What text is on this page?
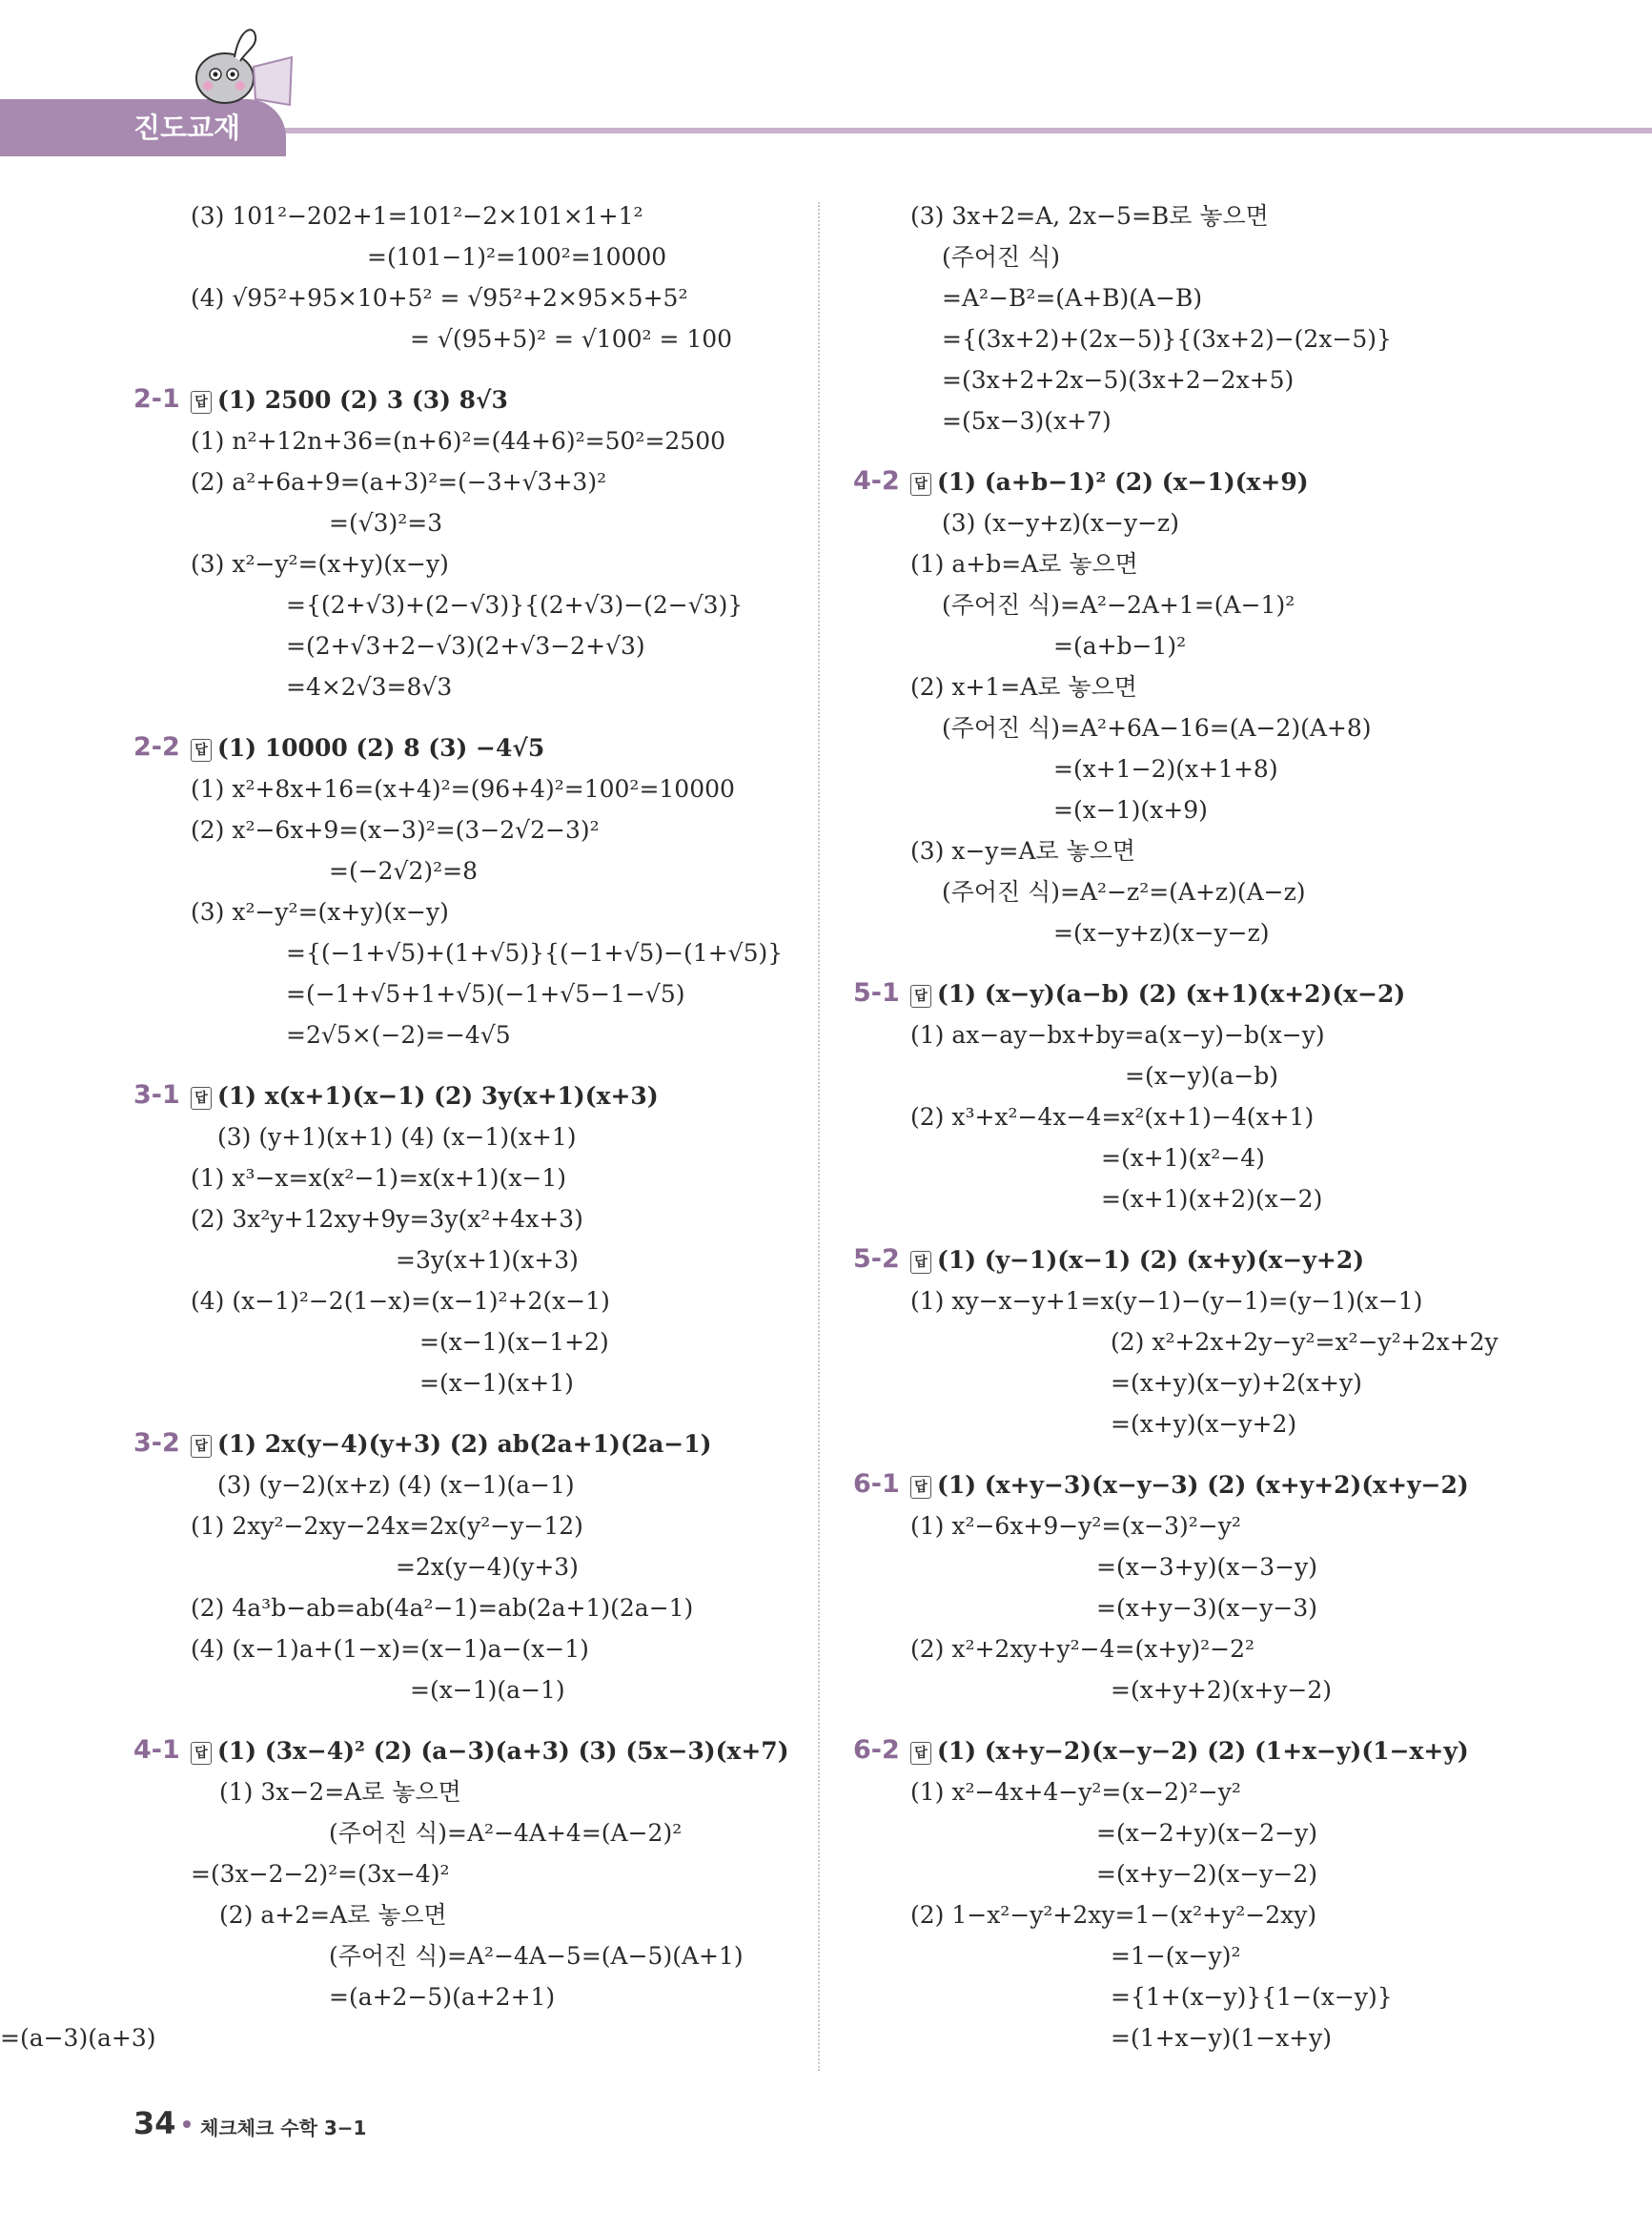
진도교재
(3) 101²−202+1=101²−2×101×1+1²
=(101−1)²=100²=10000
(4) √95²+95×10+5² = √95²+2×95×5+5²
= √(95+5)² = √100² = 100
2-1	답 (1) 2500 (2) 3 (3) 8√3
(1) n²+12n+36=(n+6)²=(44+6)²=50²=2500
(2) a²+6a+9=(a+3)²=(−3+√3+3)²
=(√3)²=3
(3) x²−y²=(x+y)(x−y)
={(2+√3)+(2−√3)}{(2+√3)−(2−√3)}
=(2+√3+2−√3)(2+√3−2+√3)
=4×2√3=8√3
2-2	답 (1) 10000 (2) 8 (3) −4√5
(1) x²+8x+16=(x+4)²=(96+4)²=100²=10000
(2) x²−6x+9=(x−3)²=(3−2√2−3)²
=(−2√2)²=8
(3) x²−y²=(x+y)(x−y)
={(−1+√5)+(1+√5)}{(−1+√5)−(1+√5)}
=(−1+√5+1+√5)(−1+√5−1−√5)
=2√5×(−2)=−4√5
3-1	답 (1) x(x+1)(x−1) (2) 3y(x+1)(x+3)
(3) (y+1)(x+1) (4) (x−1)(x+1)
(1) x³−x=x(x²−1)=x(x+1)(x−1)
(2) 3x²y+12xy+9y=3y(x²+4x+3)
=3y(x+1)(x+3)
(4) (x−1)²−2(1−x)=(x−1)²+2(x−1)
=(x−1)(x−1+2)
=(x−1)(x+1)
3-2	답 (1) 2x(y−4)(y+3) (2) ab(2a+1)(2a−1)
(3) (y−2)(x+z) (4) (x−1)(a−1)
(1) 2xy²−2xy−24x=2x(y²−y−12)
=2x(y−4)(y+3)
(2) 4a³b−ab=ab(4a²−1)=ab(2a+1)(2a−1)
(4) (x−1)a+(1−x)=(x−1)a−(x−1)
=(x−1)(a−1)
4-1	답 (1) (3x−4)² (2) (a−3)(a+3) (3) (5x−3)(x+7)
(1) 3x−2=A로 놓으면
(주어진 식)=A²−4A+4=(A−2)²
=(3x−2−2)²=(3x−4)²
(2) a+2=A로 놓으면
(주어진 식)=A²−4A−5=(A−5)(A+1)
=(a+2−5)(a+2+1)
=(a−3)(a+3)
(3) 3x+2=A, 2x−5=B로 놓으면
(주어진 식)
=A²−B²=(A+B)(A−B)
={(3x+2)+(2x−5)}{(3x+2)−(2x−5)}
=(3x+2+2x−5)(3x+2−2x+5)
=(5x−3)(x+7)
4-2	답 (1) (a+b−1)² (2) (x−1)(x+9)
(3) (x−y+z)(x−y−z)
(1) a+b=A로 놓으면
(주어진 식)=A²−2A+1=(A−1)²
=(a+b−1)²
(2) x+1=A로 놓으면
(주어진 식)=A²+6A−16=(A−2)(A+8)
=(x+1−2)(x+1+8)
=(x−1)(x+9)
(3) x−y=A로 놓으면
(주어진 식)=A²−z²=(A+z)(A−z)
=(x−y+z)(x−y−z)
5-1	답 (1) (x−y)(a−b) (2) (x+1)(x+2)(x−2)
(1) ax−ay−bx+by=a(x−y)−b(x−y)
=(x−y)(a−b)
(2) x³+x²−4x−4=x²(x+1)−4(x+1)
=(x+1)(x²−4)
=(x+1)(x+2)(x−2)
5-2	답 (1) (y−1)(x−1) (2) (x+y)(x−y+2)
(1) xy−x−y+1=x(y−1)−(y−1)=(y−1)(x−1)
(2) x²+2x+2y−y²=x²−y²+2x+2y
=(x+y)(x−y)+2(x+y)
=(x+y)(x−y+2)
6-1	답 (1) (x+y−3)(x−y−3) (2) (x+y+2)(x+y−2)
(1) x²−6x+9−y²=(x−3)²−y²
=(x−3+y)(x−3−y)
=(x+y−3)(x−y−3)
(2) x²+2xy+y²−4=(x+y)²−2²
=(x+y+2)(x+y−2)
6-2	답 (1) (x+y−2)(x−y−2) (2) (1+x−y)(1−x+y)
(1) x²−4x+4−y²=(x−2)²−y²
=(x−2+y)(x−2−y)
=(x+y−2)(x−y−2)
(2) 1−x²−y²+2xy=1−(x²+y²−2xy)
=1−(x−y)²
={1+(x−y)}{1−(x−y)}
=(1+x−y)(1−x+y)
34 체크체크 수학 3−1
